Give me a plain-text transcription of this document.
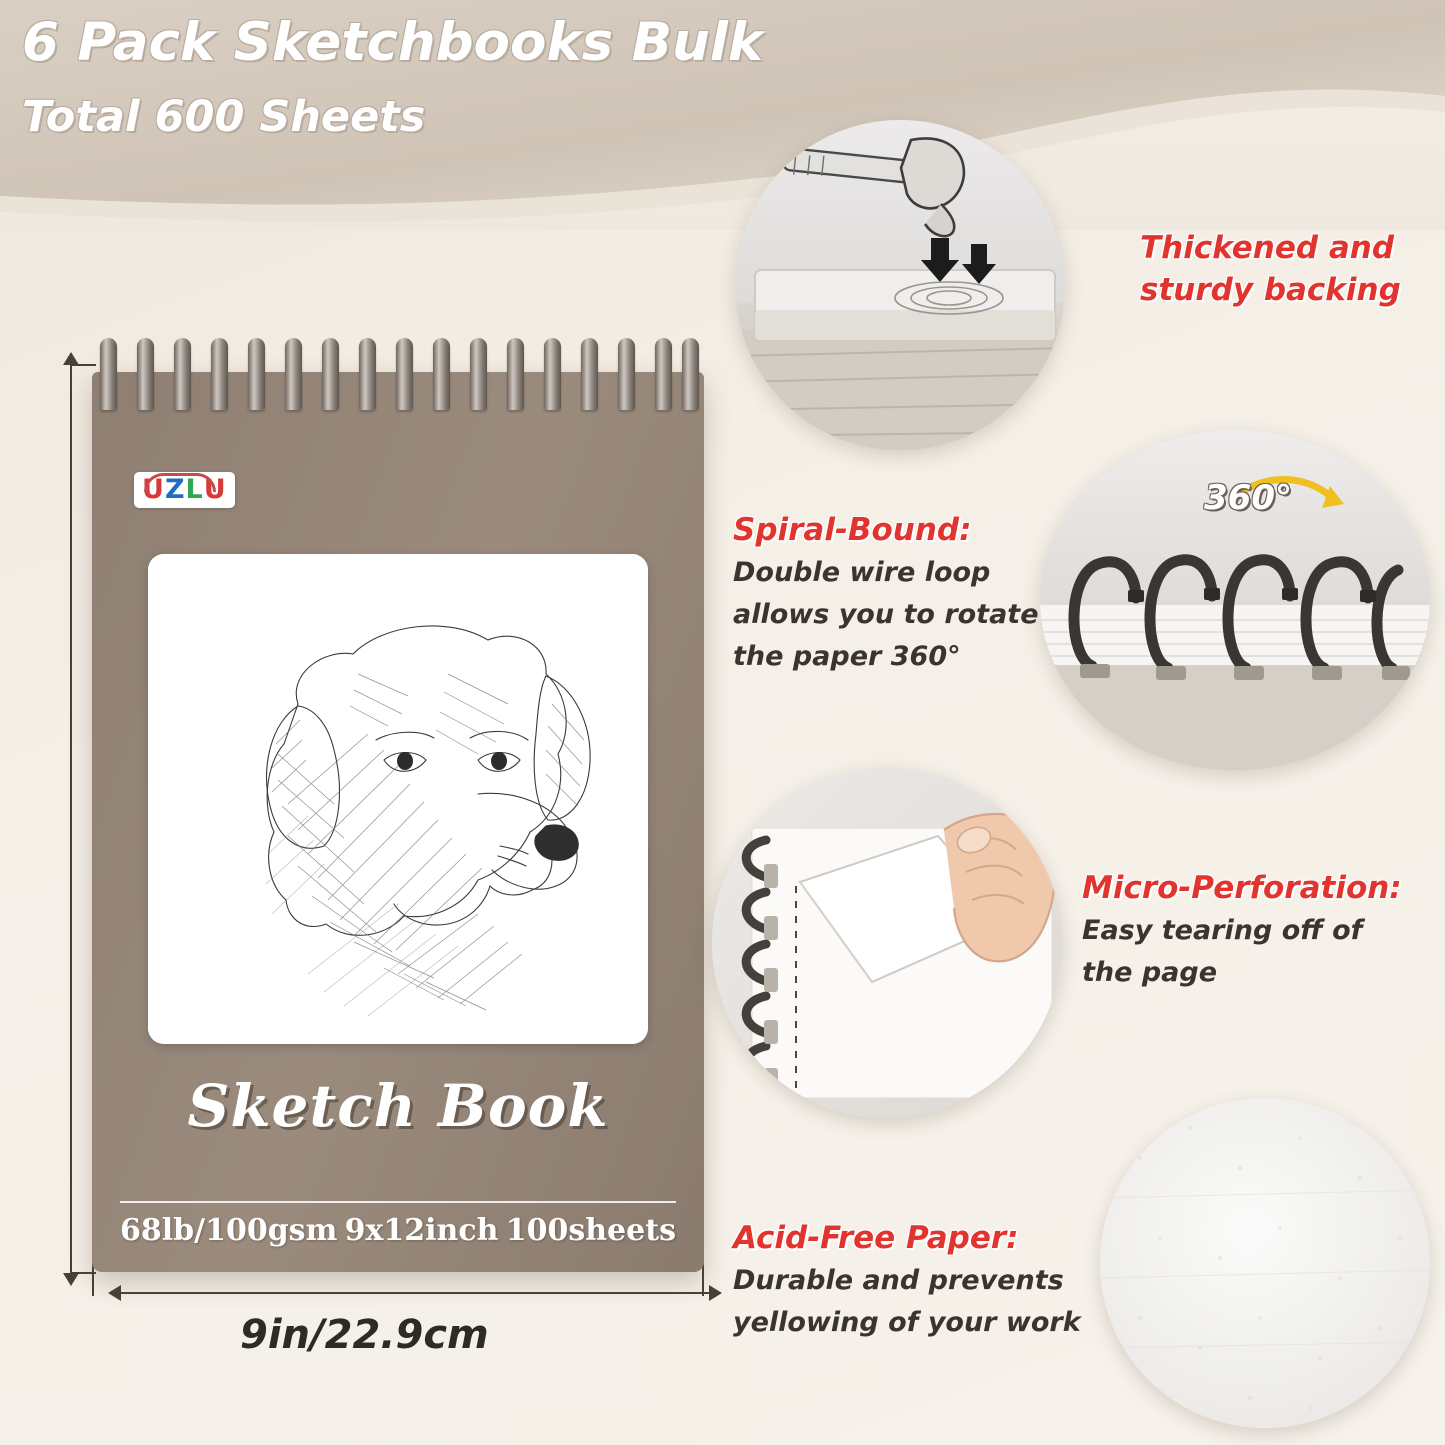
6 Pack Sketchbooks Bulk
Total 600 Sheets
9in/22.9cm
U Z L U
Sketch Book
68lb/100gsm 9x12inch 100sheets
Thickened and
sturdy backing
360°
Spiral-Bound:
Double wire loop
allows you to rotate
the paper 360°
Micro-Perforation:
Easy tearing off of
the page
Acid-Free Paper:
Durable and prevents
yellowing of your work
